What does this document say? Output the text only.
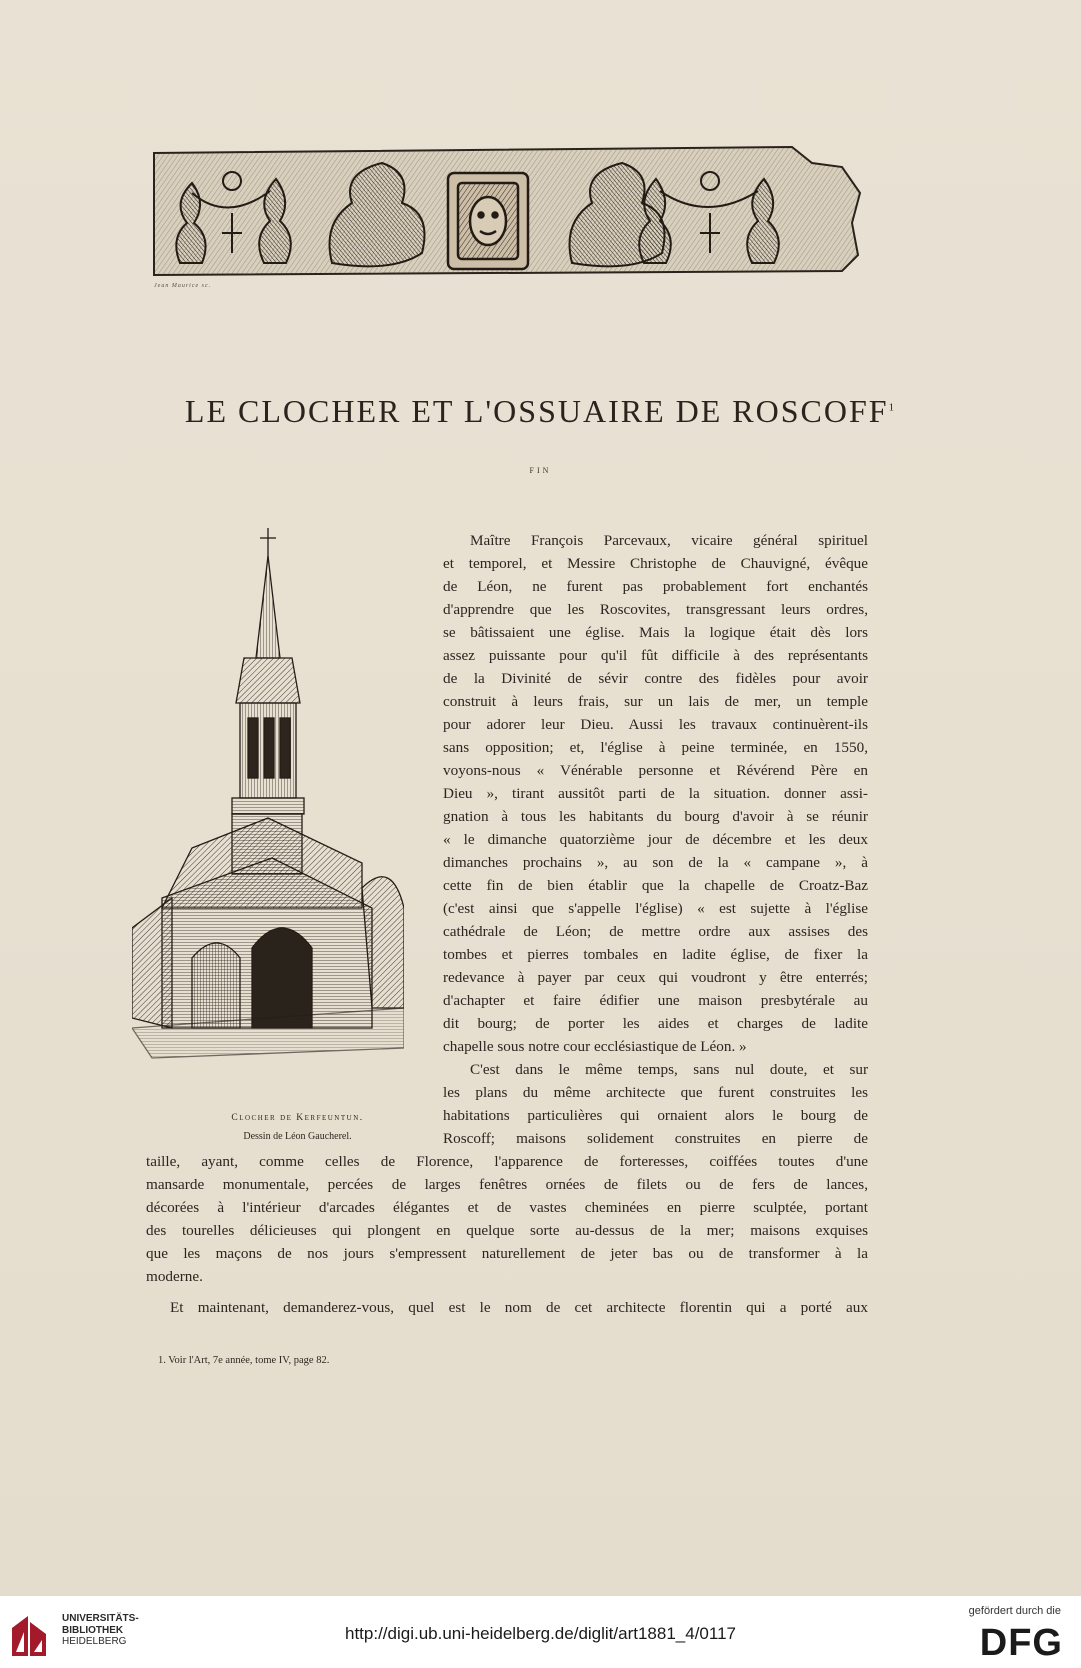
Jean Maurice sc.
LE CLOCHER ET L'OSSUAIRE DE ROSCOFF$^1$
FIN
Clocher de Kerfeuntun.
Dessin de Léon Gaucherel.
Maître François Parcevaux, vicaire général spirituel
et temporel, et Messire Christophe de Chauvigné, évêque
de Léon, ne furent pas probablement fort enchantés
d'apprendre que les Roscovites, transgressant leurs ordres,
se bâtissaient une église. Mais la logique était dès lors
assez puissante pour qu'il fût difficile à des représentants
de la Divinité de sévir contre des fidèles pour avoir
construit à leurs frais, sur un lais de mer, un temple
pour adorer leur Dieu. Aussi les travaux continuèrent-ils
sans opposition; et, l'église à peine terminée, en 1550,
voyons-nous « Vénérable personne et Révérend Père en
Dieu », tirant aussitôt parti de la situation. donner assi-
gnation à tous les habitants du bourg d'avoir à se réunir
« le dimanche quatorzième jour de décembre et les deux
dimanches prochains », au son de la « campane », à
cette fin de bien établir que la chapelle de Croatz-Baz
(c'est ainsi que s'appelle l'église) « est sujette à l'église
cathédrale de Léon; de mettre ordre aux assises des
tombes et pierres tombales en ladite église, de fixer la
redevance à payer par ceux qui voudront y être enterrés;
d'achapter et faire édifier une maison presbytérale au
dit bourg; de porter les aides et charges de ladite
chapelle sous notre cour ecclésiastique de Léon. »
C'est dans le même temps, sans nul doute, et sur
les plans du même architecte que furent construites les
habitations particulières qui ornaient alors le bourg de
Roscoff; maisons solidement construites en pierre de
taille, ayant, comme celles de Florence, l'apparence de forteresses, coiffées toutes d'une
mansarde monumentale, percées de larges fenêtres ornées de filets ou de fers de lances,
décorées à l'intérieur d'arcades élégantes et de vastes cheminées en pierre sculptée, portant
des tourelles délicieuses qui plongent en quelque sorte au-dessus de la mer; maisons exquises
que les maçons de nos jours s'empressent naturellement de jeter bas ou de transformer à la
moderne.
Et maintenant, demanderez-vous, quel est le nom de cet architecte florentin qui a porté aux
1. Voir l'Art, 7e année, tome IV, page 82.
UNIVERSITÄTS-
BIBLIOTHEK
HEIDELBERG	http://digi.ub.uni-heidelberg.de/diglit/art1881_4/0117
gefördert durch die
DFG
